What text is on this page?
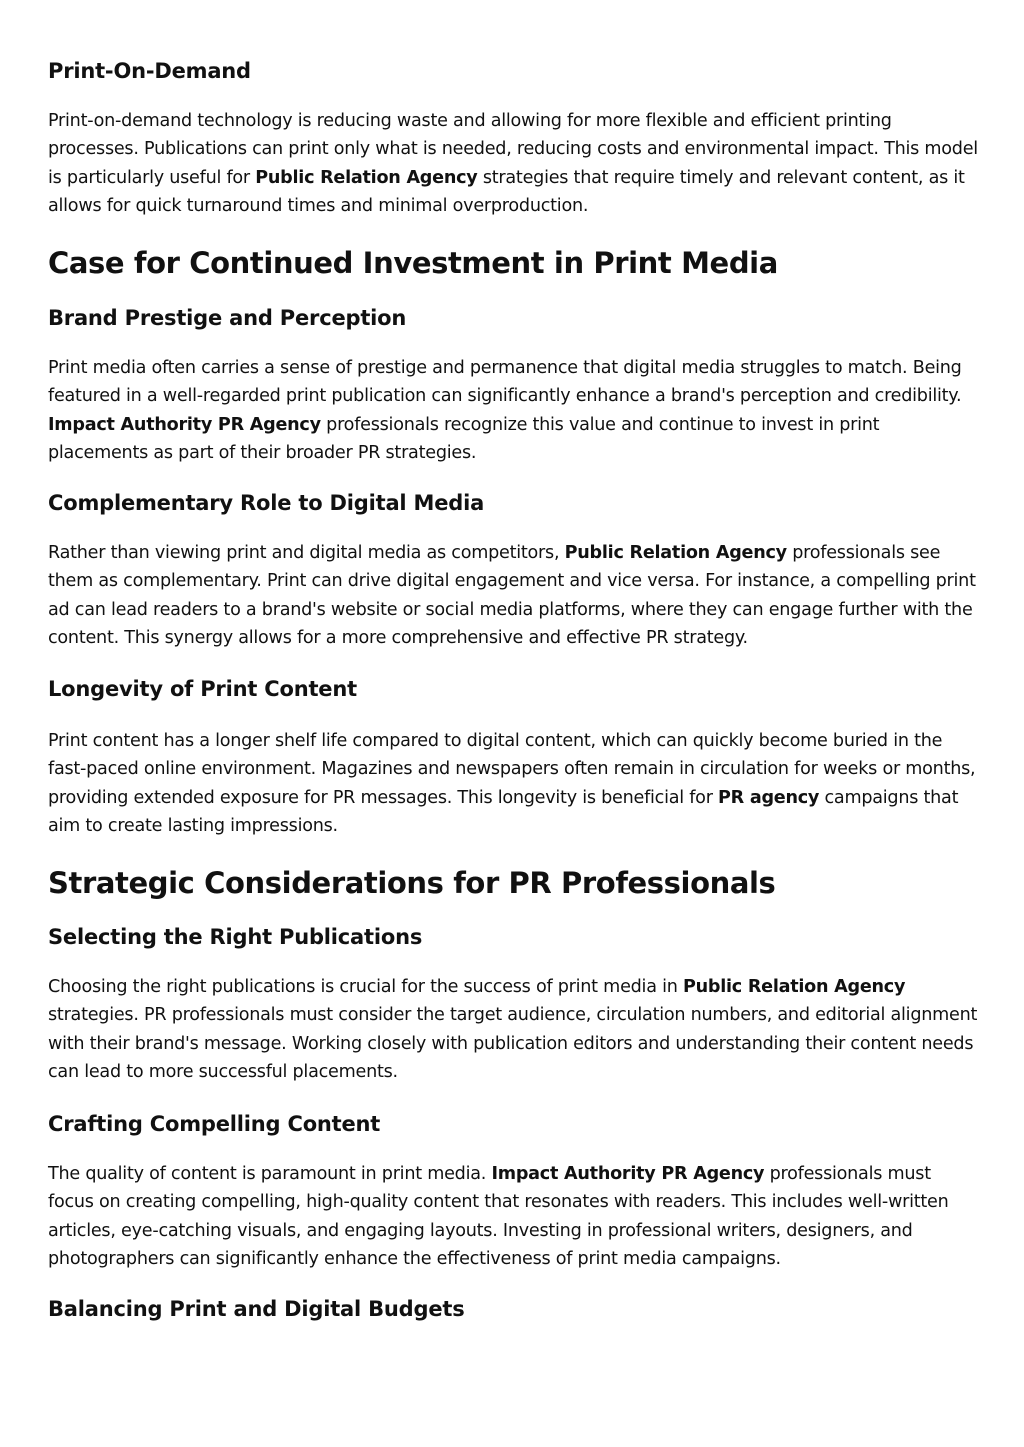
Print-On-Demand

Print-on-demand technology is reducing waste and allowing for more flexible and efficient printing processes. Publications can print only what is needed, reducing costs and environmental impact. This model is particularly useful for Public Relation Agency strategies that require timely and relevant content, as it allows for quick turnaround times and minimal overproduction.

Case for Continued Investment in Print Media
Brand Prestige and Perception

Print media often carries a sense of prestige and permanence that digital media struggles to match. Being featured in a well-regarded print publication can significantly enhance a brand's perception and credibility. Impact Authority PR Agency professionals recognize this value and continue to invest in print placements as part of their broader PR strategies.

Complementary Role to Digital Media

Rather than viewing print and digital media as competitors, Public Relation Agency professionals see them as complementary. Print can drive digital engagement and vice versa. For instance, a compelling print ad can lead readers to a brand's website or social media platforms, where they can engage further with the content. This synergy allows for a more comprehensive and effective PR strategy.

Longevity of Print Content

Print content has a longer shelf life compared to digital content, which can quickly become buried in the fast-paced online environment. Magazines and newspapers often remain in circulation for weeks or months, providing extended exposure for PR messages. This longevity is beneficial for PR agency campaigns that aim to create lasting impressions.

Strategic Considerations for PR Professionals
Selecting the Right Publications

Choosing the right publications is crucial for the success of print media in Public Relation Agency strategies. PR professionals must consider the target audience, circulation numbers, and editorial alignment with their brand's message. Working closely with publication editors and understanding their content needs can lead to more successful placements.

Crafting Compelling Content

The quality of content is paramount in print media. Impact Authority PR Agency professionals must focus on creating compelling, high-quality content that resonates with readers. This includes well-written articles, eye-catching visuals, and engaging layouts. Investing in professional writers, designers, and photographers can significantly enhance the effectiveness of print media campaigns.

Balancing Print and Digital Budgets
